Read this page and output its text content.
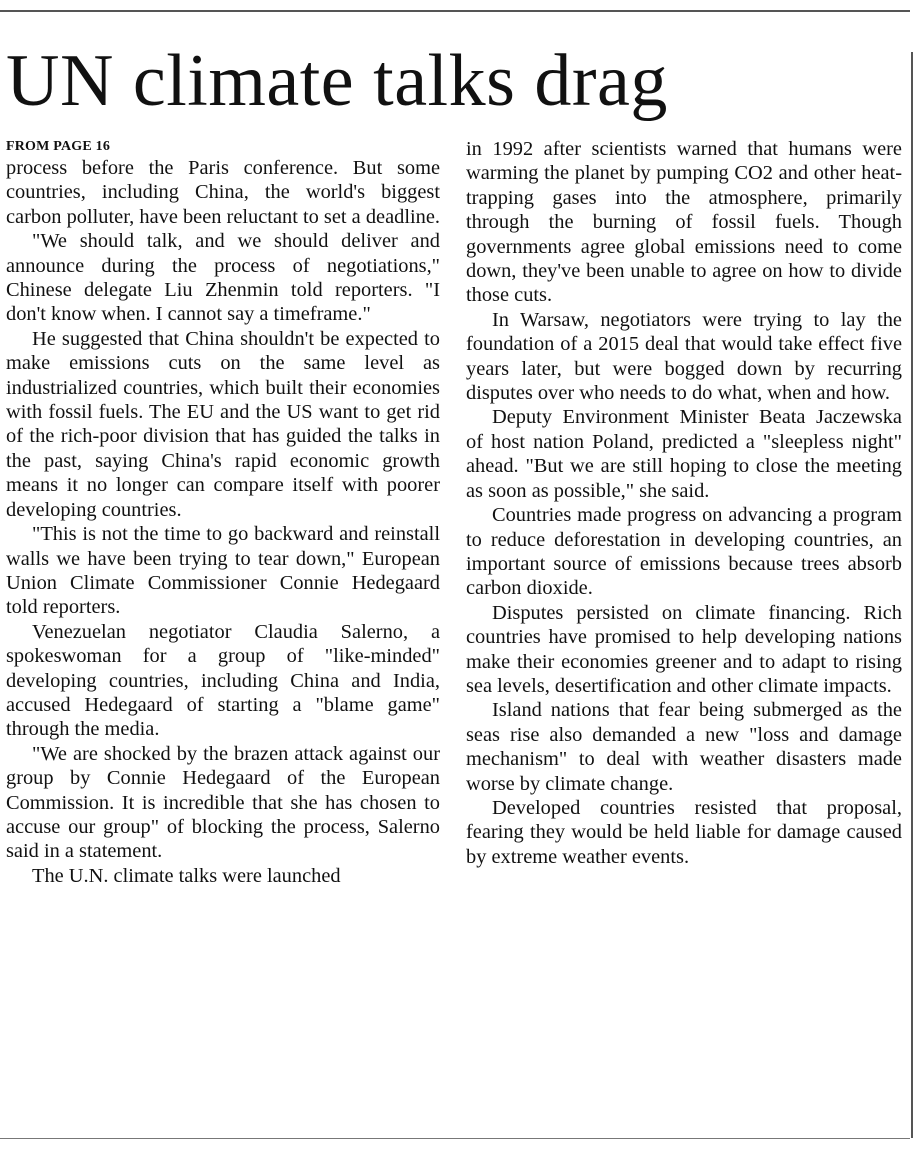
UN climate talks drag
FROM PAGE 16

process before the Paris conference. But some countries, including China, the world's biggest carbon polluter, have been reluctant to set a deadline.

"We should talk, and we should deliver and announce during the process of negotiations," Chinese delegate Liu Zhenmin told reporters. "I don't know when. I cannot say a timeframe."

He suggested that China shouldn't be expected to make emissions cuts on the same level as industrialized countries, which built their economies with fossil fuels. The EU and the US want to get rid of the rich-poor division that has guided the talks in the past, saying China's rapid economic growth means it no longer can compare itself with poorer developing countries.

"This is not the time to go backward and reinstall walls we have been trying to tear down," European Union Climate Commissioner Connie Hedegaard told reporters.

Venezuelan negotiator Claudia Salerno, a spokeswoman for a group of "like-minded" developing countries, including China and India, accused Hedegaard of starting a "blame game" through the media.

"We are shocked by the brazen attack against our group by Connie Hedegaard of the European Commission. It is incredible that she has chosen to accuse our group" of blocking the process, Salerno said in a statement.

The U.N. climate talks were launched

in 1992 after scientists warned that humans were warming the planet by pumping CO2 and other heat-trapping gases into the atmosphere, primarily through the burning of fossil fuels. Though governments agree global emissions need to come down, they've been unable to agree on how to divide those cuts.

In Warsaw, negotiators were trying to lay the foundation of a 2015 deal that would take effect five years later, but were bogged down by recurring disputes over who needs to do what, when and how.

Deputy Environment Minister Beata Jaczewska of host nation Poland, predicted a "sleepless night" ahead. "But we are still hoping to close the meeting as soon as possible," she said.

Countries made progress on advancing a program to reduce deforestation in developing countries, an important source of emissions because trees absorb carbon dioxide.

Disputes persisted on climate financing. Rich countries have promised to help developing nations make their economies greener and to adapt to rising sea levels, desertification and other climate impacts.

Island nations that fear being submerged as the seas rise also demanded a new "loss and damage mechanism" to deal with weather disasters made worse by climate change.

Developed countries resisted that proposal, fearing they would be held liable for damage caused by extreme weather events.
